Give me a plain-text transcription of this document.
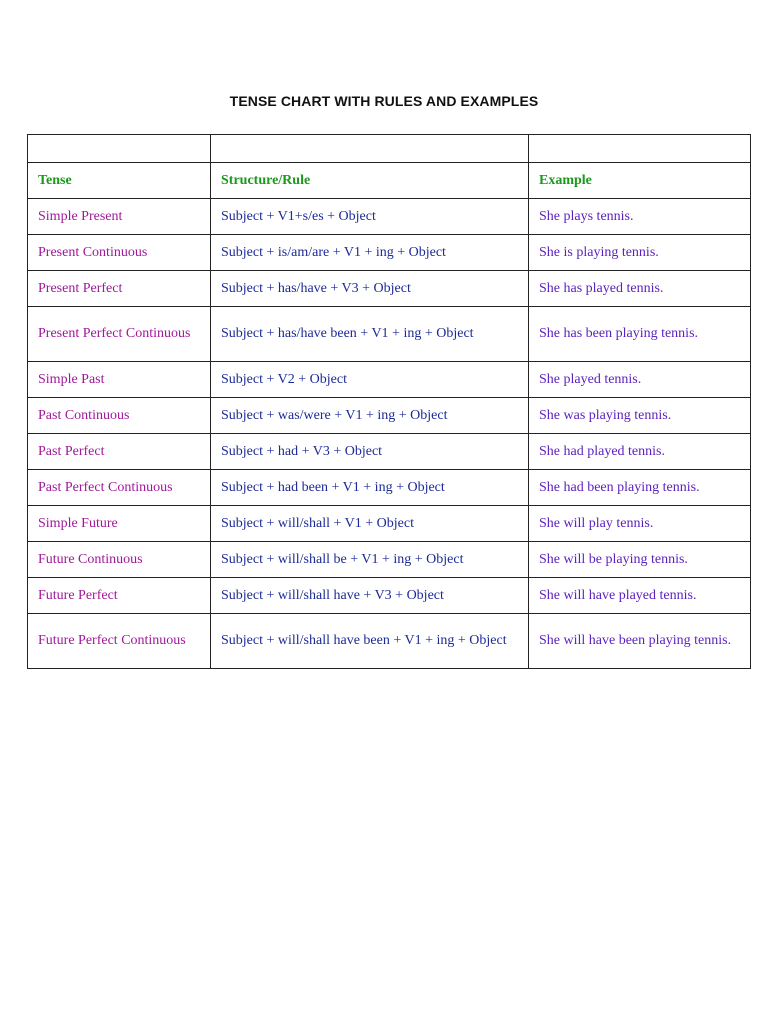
TENSE CHART WITH RULES AND EXAMPLES

Tense	Structure/Rule	Example
Simple Present	Subject + V1+s/es + Object	She plays tennis.
Present Continuous	Subject + is/am/are + V1 + ing + Object	She is playing tennis.
Present Perfect	Subject + has/have + V3 + Object	She has played tennis.
Present Perfect Continuous	Subject + has/have been + V1 + ing + Object	She has been playing tennis.
Simple Past	Subject + V2 + Object	She played tennis.
Past Continuous	Subject + was/were + V1 + ing + Object	She was playing tennis.
Past Perfect	Subject + had + V3 + Object	She had played tennis.
Past Perfect Continuous	Subject + had been + V1 + ing + Object	She had been playing tennis.
Simple Future	Subject + will/shall + V1 + Object	She will play tennis.
Future Continuous	Subject + will/shall be + V1 + ing + Object	She will be playing tennis.
Future Perfect	Subject + will/shall have + V3 + Object	She will have played tennis.
Future Perfect Continuous	Subject + will/shall have been + V1 + ing + Object	She will have been playing tennis.
